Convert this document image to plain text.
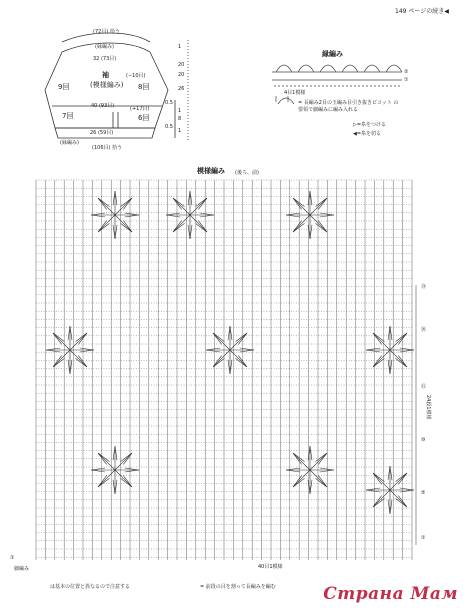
149 ページの続き◀
(72目) 拾う
(縁編み)
32 (73目)
袖
(模様編み)
9回	8回
(−10目)
40 (93目)	(+17目)
7回	6回
26 (59目)
(縁編み)
(106目) 拾う
1
20
20
26
0.5
1
8
0.5
1
縁編み
②
①
4目1模様
= 長編み2目の玉編み目引き抜きピコット の
要領で細編みに編み入れる
▷=糸をつける
◀=糸を切る
模様編み (後ろ、前)
㉔
⑳
⑮
⑩
⑤
①
24段1模様
①
細編み	40目1模様
は基本の位置と異なるので注意する	= 前段の目を割って長編みを編む	Страна Мам
